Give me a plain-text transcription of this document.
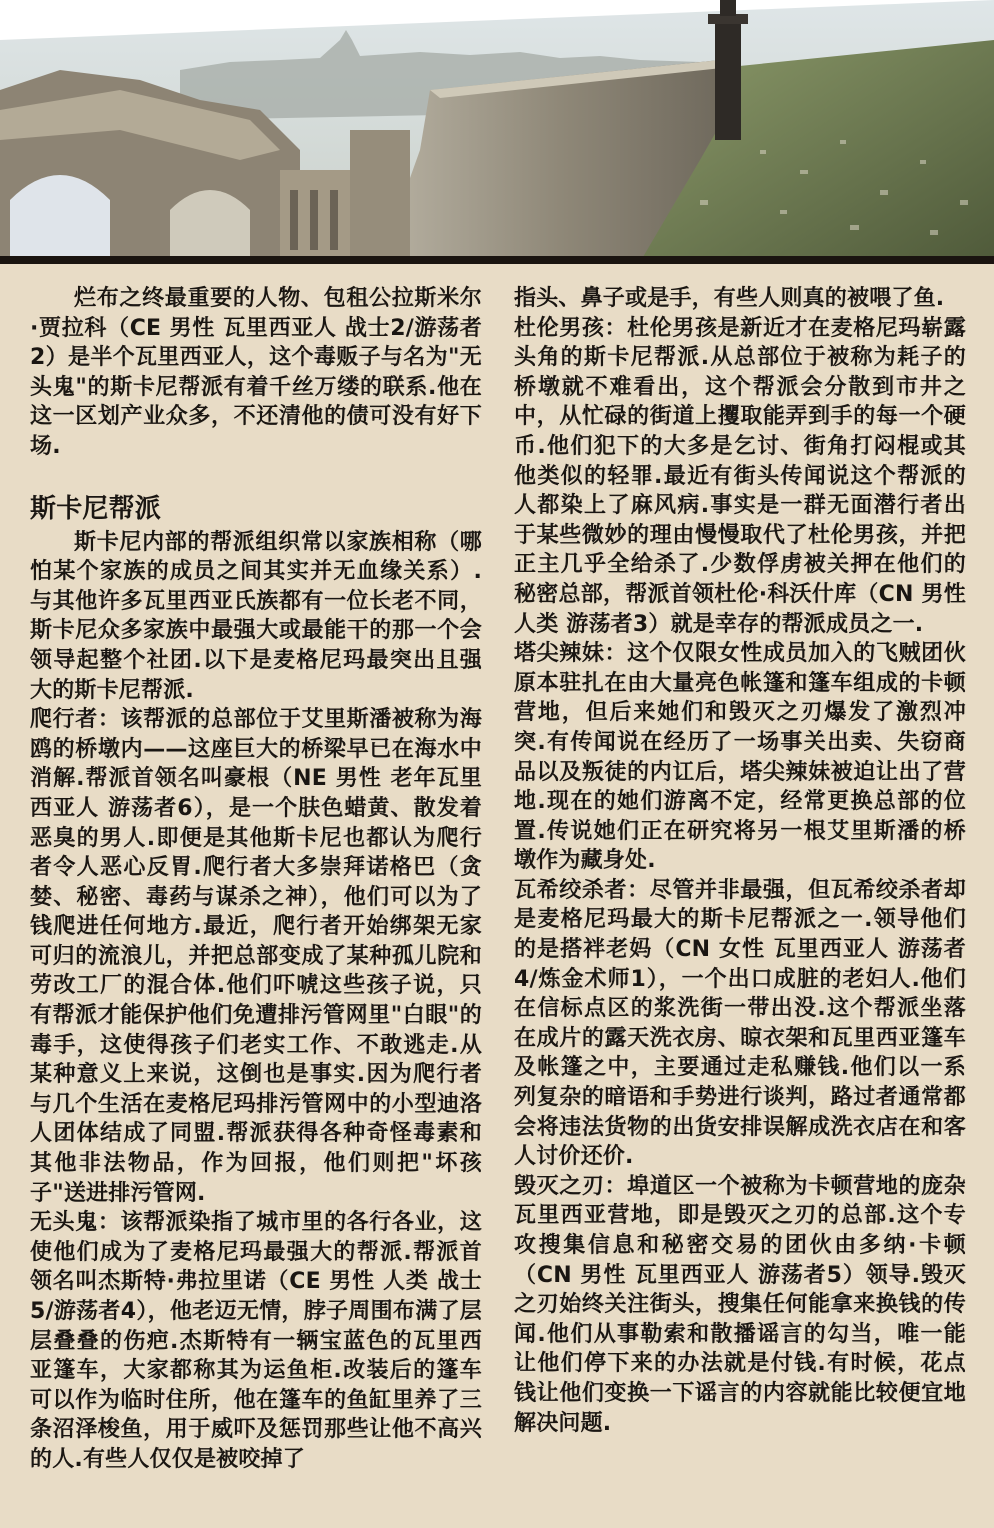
烂布之终最重要的人物、包租公拉斯米尔·贾拉科（CE 男性 瓦里西亚人 战士2/游荡者2）是半个瓦里西亚人，这个毒贩子与名为"无头鬼"的斯卡尼帮派有着千丝万缕的联系.他在这一区划产业众多，不还清他的债可没有好下场.

斯卡尼帮派

斯卡尼内部的帮派组织常以家族相称（哪怕某个家族的成员之间其实并无血缘关系）.与其他许多瓦里西亚氏族都有一位长老不同，斯卡尼众多家族中最强大或最能干的那一个会领导起整个社团.以下是麦格尼玛最突出且强大的斯卡尼帮派.

爬行者：该帮派的总部位于艾里斯潘被称为海鸥的桥墩内——这座巨大的桥梁早已在海水中消解.帮派首领名叫豪根（NE 男性 老年瓦里西亚人 游荡者6），是一个肤色蜡黄、散发着恶臭的男人.即便是其他斯卡尼也都认为爬行者令人恶心反胃.爬行者大多崇拜诺格巴（贪婪、秘密、毒药与谋杀之神），他们可以为了钱爬进任何地方.最近，爬行者开始绑架无家可归的流浪儿，并把总部变成了某种孤儿院和劳改工厂的混合体.他们吓唬这些孩子说，只有帮派才能保护他们免遭排污管网里"白眼"的毒手，这使得孩子们老实工作、不敢逃走.从某种意义上来说，这倒也是事实.因为爬行者与几个生活在麦格尼玛排污管网中的小型迪洛人团体结成了同盟.帮派获得各种奇怪毒素和其他非法物品，作为回报，他们则把"坏孩子"送进排污管网.

无头鬼：该帮派染指了城市里的各行各业，这使他们成为了麦格尼玛最强大的帮派.帮派首领名叫杰斯特·弗拉里诺（CE 男性 人类 战士5/游荡者4），他老迈无情，脖子周围布满了层层叠叠的伤疤.杰斯特有一辆宝蓝色的瓦里西亚篷车，大家都称其为运鱼柜.改装后的篷车可以作为临时住所，他在篷车的鱼缸里养了三条沼泽梭鱼，用于威吓及惩罚那些让他不高兴的人.有些人仅仅是被咬掉了

指头、鼻子或是手，有些人则真的被喂了鱼.

杜伦男孩：杜伦男孩是新近才在麦格尼玛崭露头角的斯卡尼帮派.从总部位于被称为耗子的桥墩就不难看出，这个帮派会分散到市井之中，从忙碌的街道上攫取能弄到手的每一个硬币.他们犯下的大多是乞讨、街角打闷棍或其他类似的轻罪.最近有街头传闻说这个帮派的人都染上了麻风病.事实是一群无面潜行者出于某些微妙的理由慢慢取代了杜伦男孩，并把正主几乎全给杀了.少数俘虏被关押在他们的秘密总部，帮派首领杜伦·科沃什库（CN 男性 人类 游荡者3）就是幸存的帮派成员之一.

塔尖辣妹：这个仅限女性成员加入的飞贼团伙原本驻扎在由大量亮色帐篷和篷车组成的卡顿营地，但后来她们和毁灭之刃爆发了激烈冲突.有传闻说在经历了一场事关出卖、失窃商品以及叛徒的内讧后，塔尖辣妹被迫让出了营地.现在的她们游离不定，经常更换总部的位置.传说她们正在研究将另一根艾里斯潘的桥墩作为藏身处.

瓦希绞杀者：尽管并非最强，但瓦希绞杀者却是麦格尼玛最大的斯卡尼帮派之一.领导他们的是搭袢老妈（CN 女性 瓦里西亚人 游荡者4/炼金术师1），一个出口成脏的老妇人.他们在信标点区的浆洗街一带出没.这个帮派坐落在成片的露天洗衣房、晾衣架和瓦里西亚篷车及帐篷之中，主要通过走私赚钱.他们以一系列复杂的暗语和手势进行谈判，路过者通常都会将违法货物的出货安排误解成洗衣店在和客人讨价还价.

毁灭之刃：埠道区一个被称为卡顿营地的庞杂瓦里西亚营地，即是毁灭之刃的总部.这个专攻搜集信息和秘密交易的团伙由多纳·卡顿（CN 男性 瓦里西亚人 游荡者5）领导.毁灭之刃始终关注街头，搜集任何能拿来换钱的传闻.他们从事勒索和散播谣言的勾当，唯一能让他们停下来的办法就是付钱.有时候，花点钱让他们变换一下谣言的内容就能比较便宜地解决问题.
